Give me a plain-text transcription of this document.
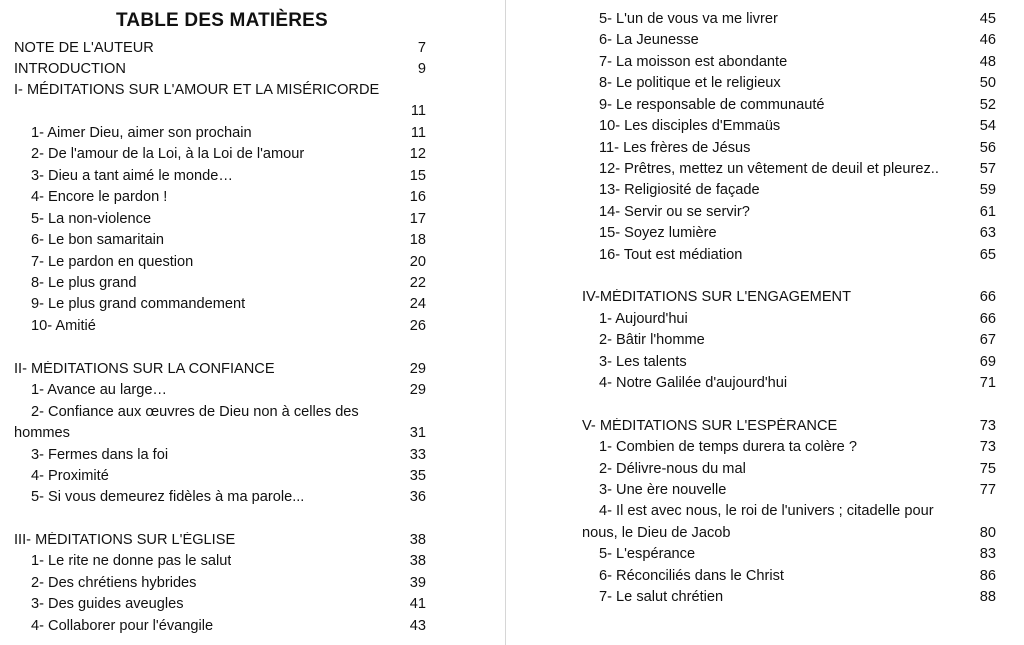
TABLE DES MATIÈRES
NOTE DE L'AUTEUR	7
INTRODUCTION	9
I- MÉDITATIONS SUR L'AMOUR ET LA MISÉRICORDE
11
1- Aimer Dieu, aimer son prochain	11
2- De l'amour de la Loi, à la Loi de l'amour	12
3- Dieu a tant aimé le monde…	15
4- Encore le pardon !	16
5- La non-violence	17
6- Le bon samaritain	18
7- Le pardon en question	20
8- Le plus grand	22
9- Le plus grand commandement	24
10- Amitié	26
II- MÉDITATIONS SUR LA CONFIANCE	29
1- Avance au large…	29
2- Confiance aux œuvres de Dieu non à celles des
hommes	31
3- Fermes dans la foi	33
4- Proximité	35
5- Si vous demeurez fidèles à ma parole...	36
III- MÉDITATIONS SUR L'ÉGLISE	38
1- Le rite ne donne pas le salut	38
2- Des chrétiens hybrides	39
3- Des guides aveugles	41
4- Collaborer pour l'évangile	43
5- L'un de vous va me livrer	45
6- La Jeunesse	46
7- La moisson est abondante	48
8- Le politique et le religieux	50
9- Le responsable de communauté	52
10- Les disciples d'Emmaüs	54
11- Les frères de Jésus	56
12- Prêtres, mettez un vêtement de deuil et pleurez..	57
13- Religiosité de façade	59
14- Servir ou se servir?	61
15- Soyez lumière	63
16- Tout est médiation	65
IV-MÉDITATIONS SUR L'ENGAGEMENT	66
1- Aujourd'hui	66
2- Bâtir l'homme	67
3- Les talents	69
4- Notre Galilée d'aujourd'hui	71
V- MÉDITATIONS SUR L'ESPÉRANCE	73
1- Combien de temps durera ta colère ?	73
2- Délivre-nous du mal	75
3- Une ère nouvelle	77
4- Il est avec nous, le roi de l'univers ; citadelle pour
nous, le Dieu de Jacob	80
5- L'espérance	83
6- Réconciliés dans le Christ	86
7- Le salut chrétien	88
